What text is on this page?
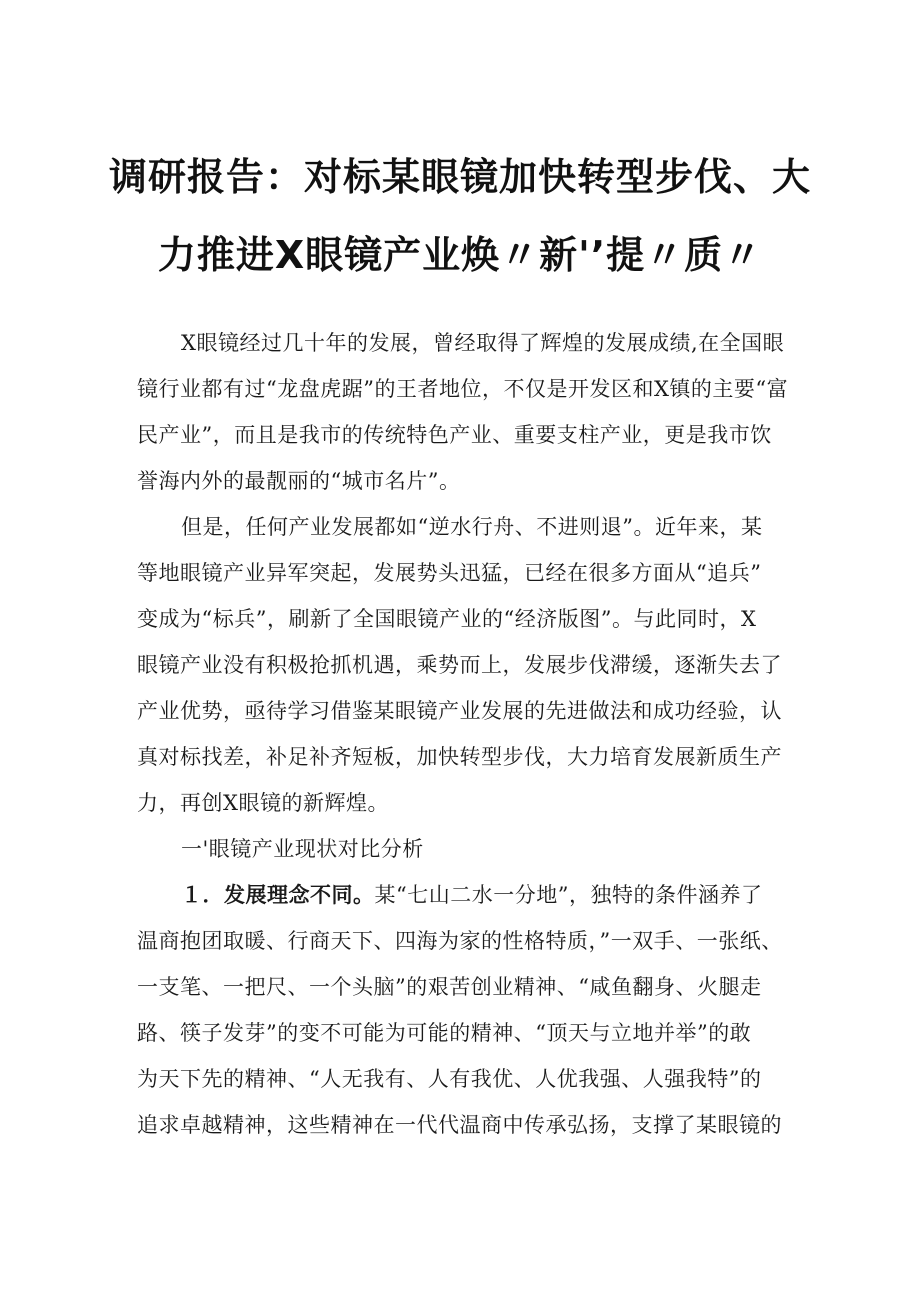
调研报告：对标某眼镜加快转型步伐、大
力推进X眼镜产业焕〃新'’提〃质〃
X眼镜经过几十年的发展，曾经取得了辉煌的发展成绩,在全国眼
镜行业都有过“龙盘虎踞”的王者地位，不仅是开发区和X镇的主要“富
民产业”，而且是我市的传统特色产业、重要支柱产业，更是我市饮
誉海内外的最靓丽的“城市名片”。
但是，任何产业发展都如“逆水行舟、不进则退”。近年来，某
等地眼镜产业异军突起，发展势头迅猛，已经在很多方面从“追兵”
变成为“标兵”，刷新了全国眼镜产业的“经济版图”。与此同时，X
眼镜产业没有积极抢抓机遇，乘势而上，发展步伐滞缓，逐渐失去了
产业优势，亟待学习借鉴某眼镜产业发展的先进做法和成功经验，认
真对标找差，补足补齐短板，加快转型步伐，大力培育发展新质生产
力，再创X眼镜的新辉煌。
一'眼镜产业现状对比分析
１．发展理念不同。某“七山二水一分地”，独特的条件涵养了
温商抱团取暖、行商天下、四海为家的性格特质，”一双手、一张纸、
一支笔、一把尺、一个头脑”的艰苦创业精神、“咸鱼翻身、火腿走
路、筷子发芽”的变不可能为可能的精神、“顶天与立地并举”的敢
为天下先的精神、“人无我有、人有我优、人优我强、人强我特”的
追求卓越精神，这些精神在一代代温商中传承弘扬，支撑了某眼镜的
